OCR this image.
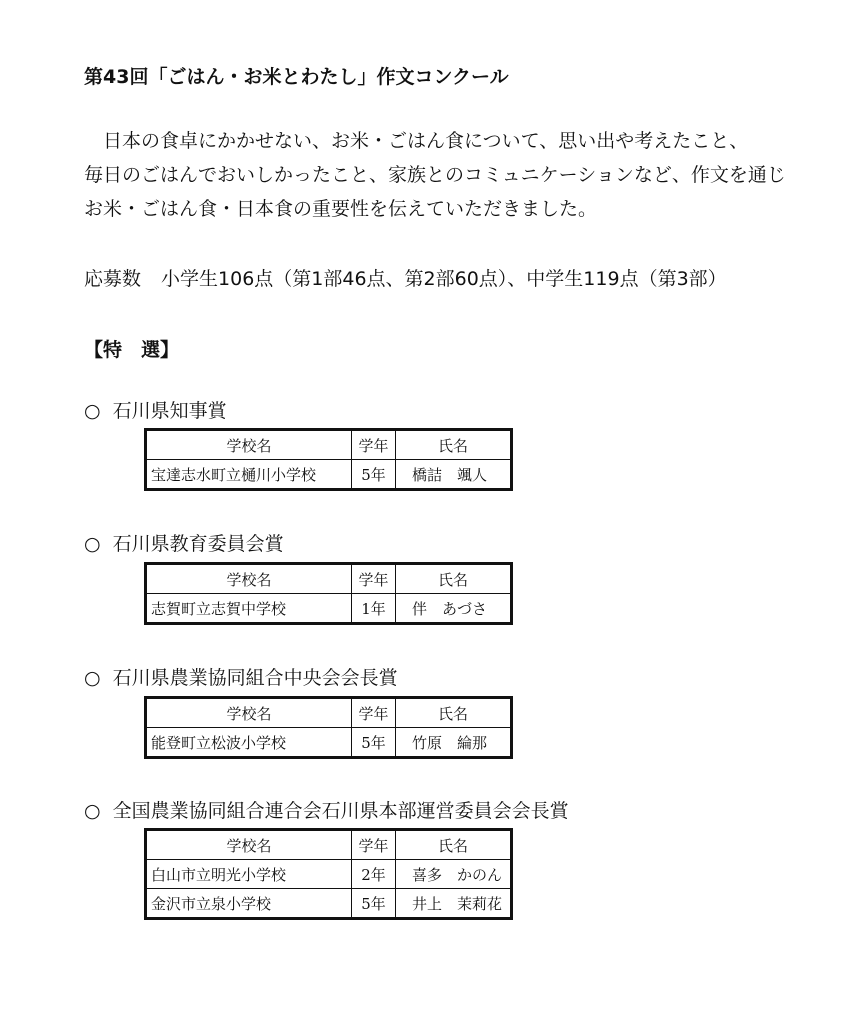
第43回「ごはん・お米とわたし」作文コンクール
日本の食卓にかかせない、お米・ごはん食について、思い出や考えたこと、
毎日のごはんでおいしかったこと、家族とのコミュニケーションなど、作文を通じ
お米・ごはん食・日本食の重要性を伝えていただきました。
応募数 小学生106点（第1部46点、第2部60点）、中学生119点（第3部）
【特　選】
○ 石川県知事賞
学校名	学年	氏名
宝達志水町立樋川小学校	5年	橋詰　颯人
○ 石川県教育委員会賞
学校名	学年	氏名
志賀町立志賀中学校	1年	伴　あづさ
○ 石川県農業協同組合中央会会長賞
学校名	学年	氏名
能登町立松波小学校	5年	竹原　綸那
○ 全国農業協同組合連合会石川県本部運営委員会会長賞
学校名	学年	氏名
白山市立明光小学校	2年	喜多　かのん
金沢市立泉小学校	5年	井上　茉莉花
